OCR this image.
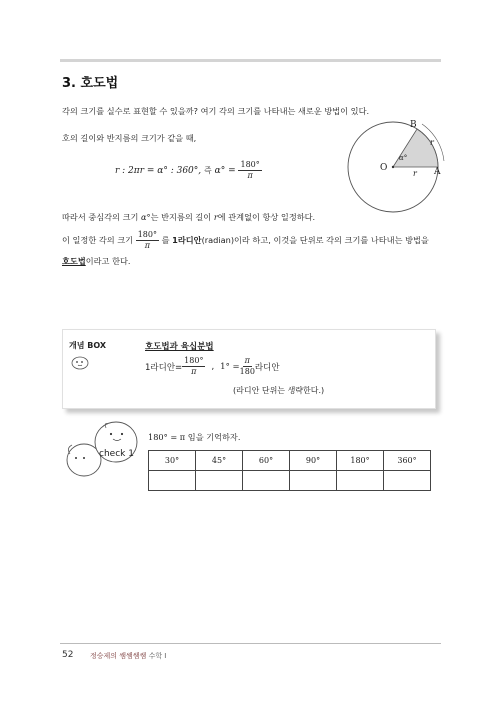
3. 호도법
각의 크기를 실수로 표현할 수 있을까? 여기 각의 크기를 나타내는 새로운 방법이 있다.
호의 길이와 반지름의 크기가 같을 때,
r : 2πr = α° : 360°, 즉 $\alpha^\circ = \frac{180^\circ}{\pi}$	O	A
B
r
r
α°
따라서 중심각의 크기 α°는 반지름의 길이 r에 관계없이 항상 일정하다.
이 일정한 각의 크기
$\frac{180^\circ}{\pi}$
를
1라디안 (radian)이라 하고, 이것을 단위로 각의 크기를 나타내는 방법을
호도법이라고 한다.
개념 BOX	호도법과 육십분법
1라디안= $\frac{180^\circ}{\pi}$ , $1^\circ = \frac{\pi}{180}$ 라디안
(라디안 단위는 생략한다.)
check 1
180° = π 임을 기억하자.
30°	45°	60°	90°	180°	360°

52 정승제의 쌤쌤쌤쌤 수학 I
